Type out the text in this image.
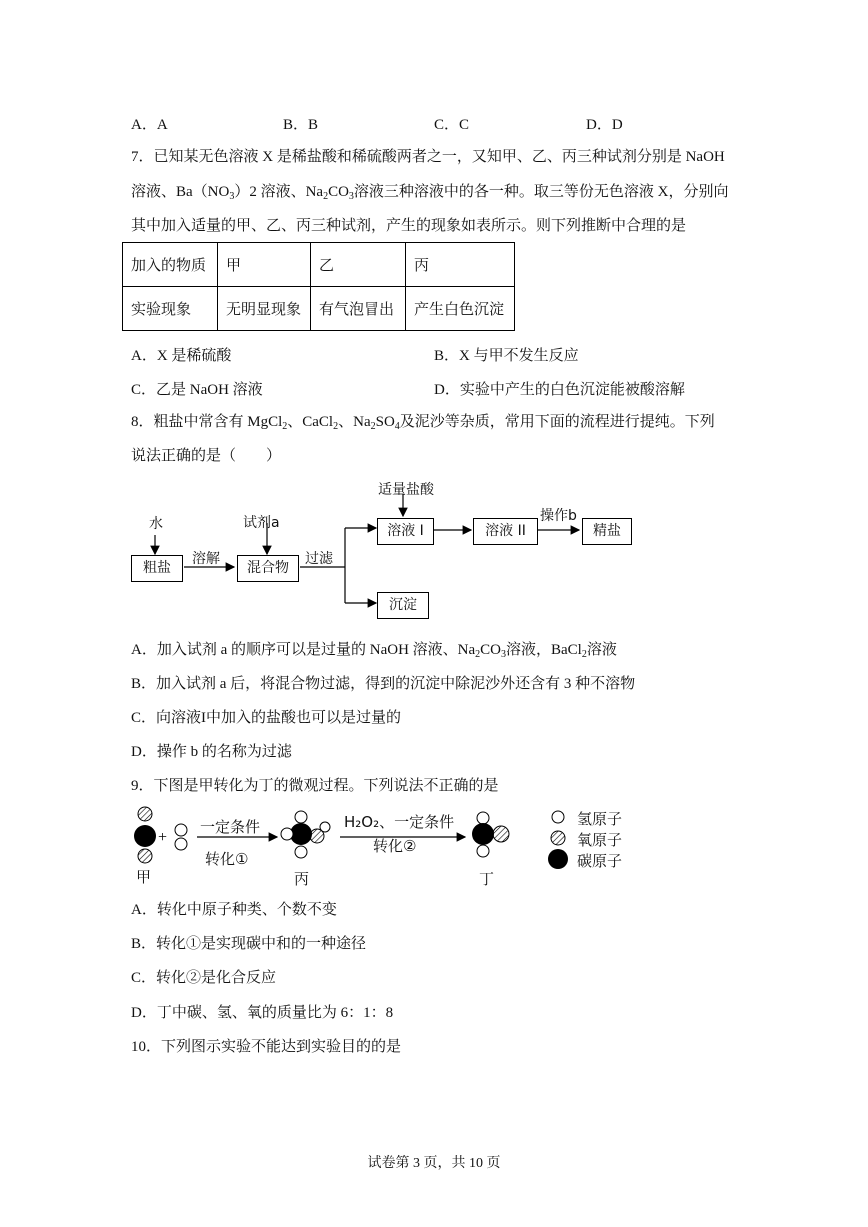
A．A	B．B	C．C	D．D
7．已知某无色溶液 X 是稀盐酸和稀硫酸两者之一，又知甲、乙、丙三种试剂分别是 NaOH
溶液、$Ba(NO_3)2$ 溶液、$Na_2CO_3$溶液三种溶液中的各一种。取三等份无色溶液 X，分别向
其中加入适量的甲、乙、丙三种试剂，产生的现象如表所示。则下列推断中合理的是
加入的物质	甲	乙	丙
实验现象	无明显现象	有气泡冒出	产生白色沉淀
A．X 是稀硫酸	B．X 与甲不发生反应
C．乙是 NaOH 溶液	D．实验中产生的白色沉淀能被酸溶解
8．粗盐中常含有 MgCl$_2$、CaCl$_2$、$Na_2SO_4$及泥沙等杂质，常用下面的流程进行提纯。下列
说法正确的是（　　）
水
粗盐
溶解
试剂a
混合物
过滤
适量盐酸
溶液 I	溶液 II
操作b
精盐
沉淀
A．加入试剂 a 的顺序可以是过量的 NaOH 溶液、$Na_2CO_3$溶液，BaCl$_2$溶液
B．加入试剂 a 后，将混合物过滤，得到的沉淀中除泥沙外还含有 3 种不溶物
C．向溶液I中加入的盐酸也可以是过量的
D．操作 b 的名称为过滤
9．下图是甲转化为丁的微观过程。下列说法不正确的是
+
一定条件
转化①
H₂O₂、一定条件
转化②
甲	丙	丁
氢原子
氧原子
碳原子
A．转化中原子种类、个数不变
B．转化①是实现碳中和的一种途径
C．转化②是化合反应
D．丁中碳、氢、氧的质量比为 6：1：8
10．下列图示实验不能达到实验目的的是
试卷第 3 页，共 10 页
